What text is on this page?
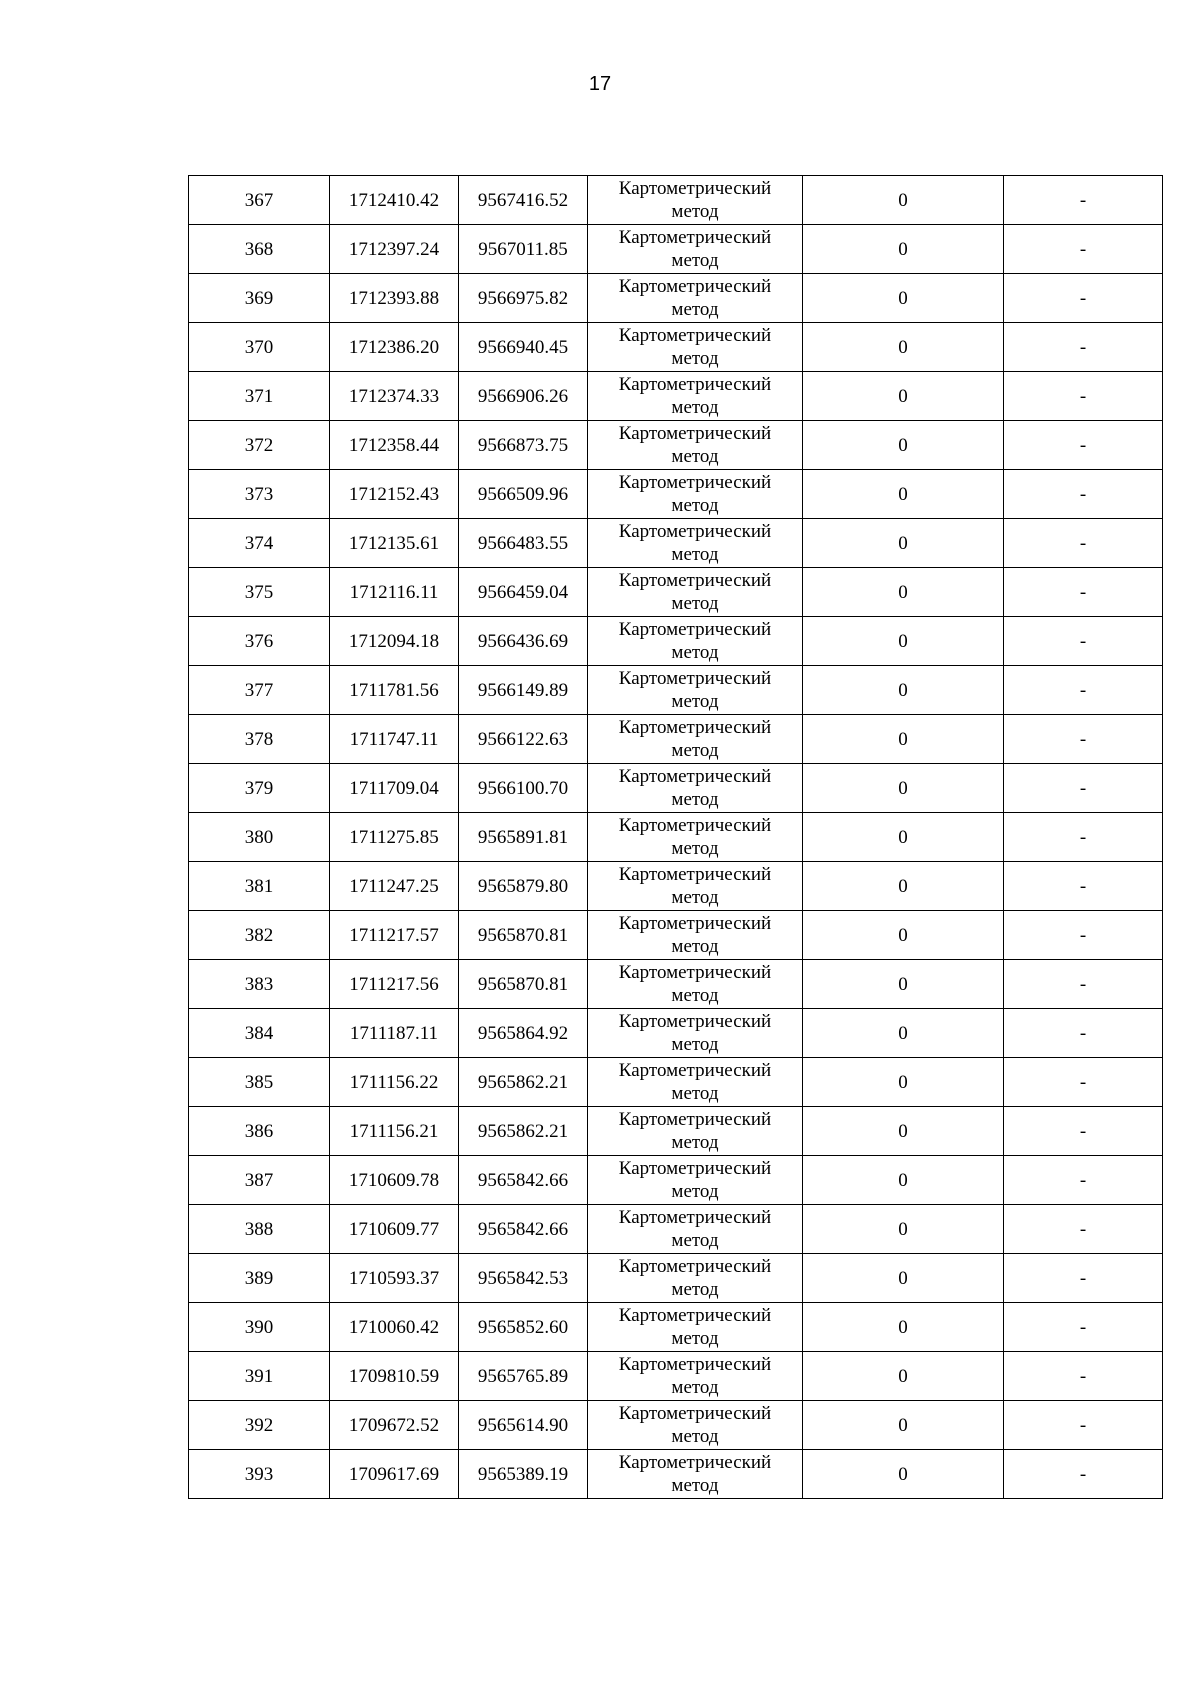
17
367	1712410.42	9567416.52	Картометрический
метод	0	-
368	1712397.24	9567011.85	Картометрический
метод	0	-
369	1712393.88	9566975.82	Картометрический
метод	0	-
370	1712386.20	9566940.45	Картометрический
метод	0	-
371	1712374.33	9566906.26	Картометрический
метод	0	-
372	1712358.44	9566873.75	Картометрический
метод	0	-
373	1712152.43	9566509.96	Картометрический
метод	0	-
374	1712135.61	9566483.55	Картометрический
метод	0	-
375	1712116.11	9566459.04	Картометрический
метод	0	-
376	1712094.18	9566436.69	Картометрический
метод	0	-
377	1711781.56	9566149.89	Картометрический
метод	0	-
378	1711747.11	9566122.63	Картометрический
метод	0	-
379	1711709.04	9566100.70	Картометрический
метод	0	-
380	1711275.85	9565891.81	Картометрический
метод	0	-
381	1711247.25	9565879.80	Картометрический
метод	0	-
382	1711217.57	9565870.81	Картометрический
метод	0	-
383	1711217.56	9565870.81	Картометрический
метод	0	-
384	1711187.11	9565864.92	Картометрический
метод	0	-
385	1711156.22	9565862.21	Картометрический
метод	0	-
386	1711156.21	9565862.21	Картометрический
метод	0	-
387	1710609.78	9565842.66	Картометрический
метод	0	-
388	1710609.77	9565842.66	Картометрический
метод	0	-
389	1710593.37	9565842.53	Картометрический
метод	0	-
390	1710060.42	9565852.60	Картометрический
метод	0	-
391	1709810.59	9565765.89	Картометрический
метод	0	-
392	1709672.52	9565614.90	Картометрический
метод	0	-
393	1709617.69	9565389.19	Картометрический
метод	0	-
